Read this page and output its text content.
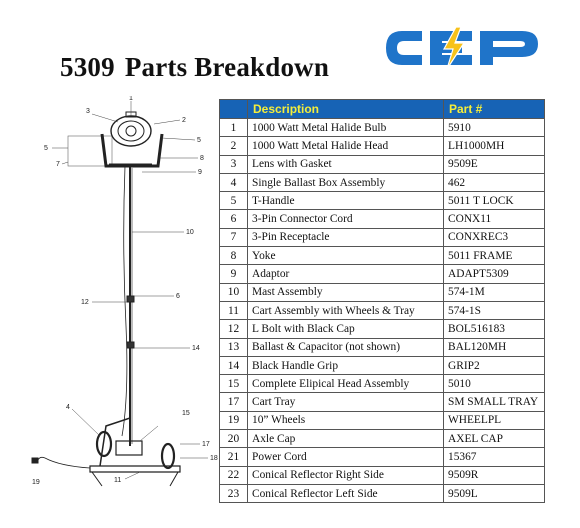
5309 Parts Breakdown
1
2
3
5
5
7
8
9
10
6
12
14
4
15
17
18
11
19
	Description	Part #
1	1000 Watt Metal Halide Bulb	5910
2	1000 Watt Metal Halide Head	LH1000MH
3	Lens with Gasket	9509E
4	Single Ballast Box Assembly	462
5	T-Handle	5011 T LOCK
6	3-Pin Connector Cord	CONX11
7	3-Pin Receptacle	CONXREC3
8	Yoke	5011 FRAME
9	Adaptor	ADAPT5309
10	Mast Assembly	574-1M
11	Cart Assembly with Wheels & Tray	574-1S
12	L Bolt with Black Cap	BOL516183
13	Ballast & Capacitor (not shown)	BAL120MH
14	Black Handle Grip	GRIP2
15	Complete Elipical Head Assembly	5010
17	Cart Tray	SM SMALL TRAY
19	10” Wheels	WHEELPL
20	Axle Cap	AXEL CAP
21	Power Cord	15367
22	Conical Reflector Right Side	9509R
23	Conical Reflector Left Side	9509L
